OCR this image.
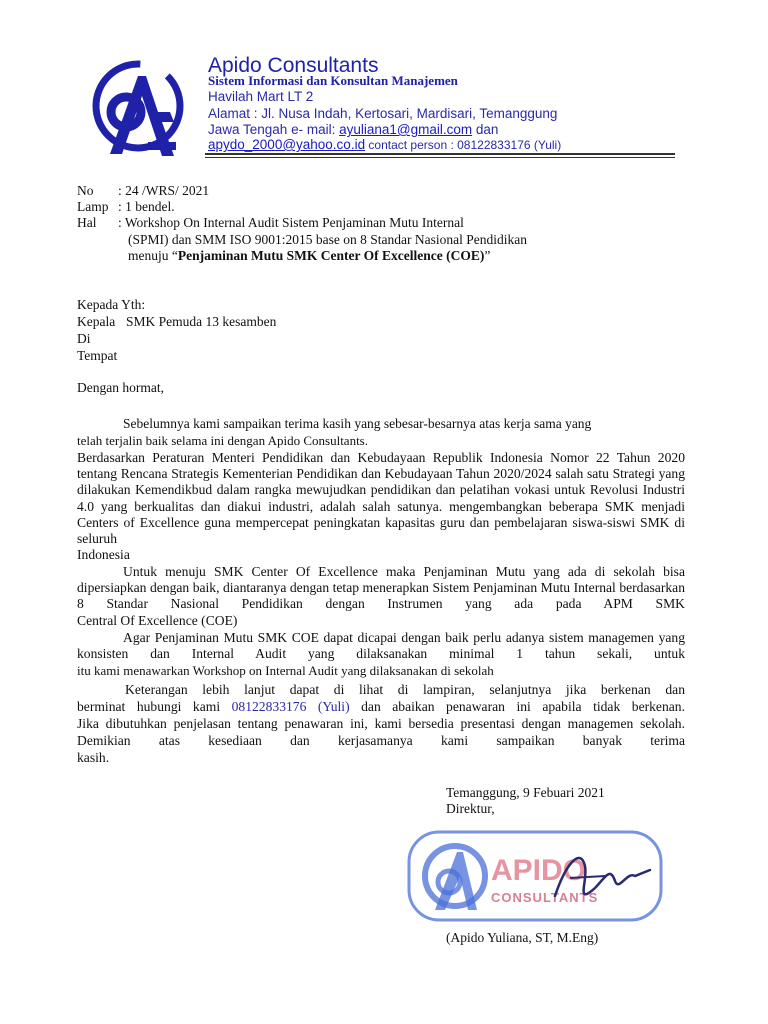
Apido Consultants
Sistem Informasi dan Konsultan Manajemen
Havilah Mart LT 2
Alamat : Jl. Nusa Indah, Kertosari, Mardisari, Temanggung
Jawa Tengah e- mail: ayuliana1@gmail.com dan
apydo_2000@yahoo.co.id contact person : 08122833176 (Yuli)
No : 24 /WRS/ 2021
Lamp : 1 bendel.
Hal : Workshop On Internal Audit Sistem Penjaminan Mutu Internal
(SPMI) dan SMM ISO 9001:2015 base on 8 Standar Nasional Pendidikan
menuju “Penjaminan Mutu SMK Center Of Excellence (COE)”
Kepada Yth:
Kepala SMK Pemuda 13 kesamben
Di
Tempat
Dengan hormat,
Sebelumnya kami sampaikan terima kasih yang sebesar-besarnya atas kerja sama yang
telah terjalin baik selama ini dengan Apido Consultants.
Berdasarkan Peraturan Menteri Pendidikan dan Kebudayaan Republik Indonesia Nomor 22 Tahun 2020 tentang Rencana Strategis Kementerian Pendidikan dan Kebudayaan Tahun 2020/2024 salah satu Strategi yang dilakukan Kemendikbud dalam rangka mewujudkan pendidikan dan pelatihan vokasi untuk Revolusi Industri 4.0 yang berkualitas dan diakui industri, adalah salah satunya. mengembangkan beberapa SMK menjadi Centers of Excellence guna mempercepat peningkatan kapasitas guru dan pembelajaran siswa-siswi SMK di seluruh
Indonesia
Untuk menuju SMK Center Of Excellence maka Penjaminan Mutu yang ada di sekolah bisa dipersiapkan dengan baik, diantaranya dengan tetap menerapkan Sistem Penjaminan Mutu Internal berdasarkan 8 Standar Nasional Pendidikan dengan Instrumen yang ada pada APM SMK
Central Of Excellence (COE)
Agar Penjaminan Mutu SMK COE dapat dicapai dengan baik perlu adanya sistem managemen yang konsisten dan Internal Audit yang dilaksanakan minimal 1 tahun sekali, untuk
itu kami menawarkan Workshop on Internal Audit yang dilaksanakan di sekolah
Keterangan lebih lanjut dapat di lihat di lampiran, selanjutnya jika berkenan dan
berminat hubungi kami 08122833176 (Yuli) dan abaikan penawaran ini apabila tidak berkenan.
Jika dibutuhkan penjelasan tentang penawaran ini, kami bersedia presentasi dengan managemen sekolah. Demikian atas kesediaan dan kerjasamanya kami sampaikan banyak terima
kasih.
Temanggung, 9 Febuari 2021
Direktur,
APIDO
CONSULTANTS
(Apido Yuliana, ST, M.Eng)
